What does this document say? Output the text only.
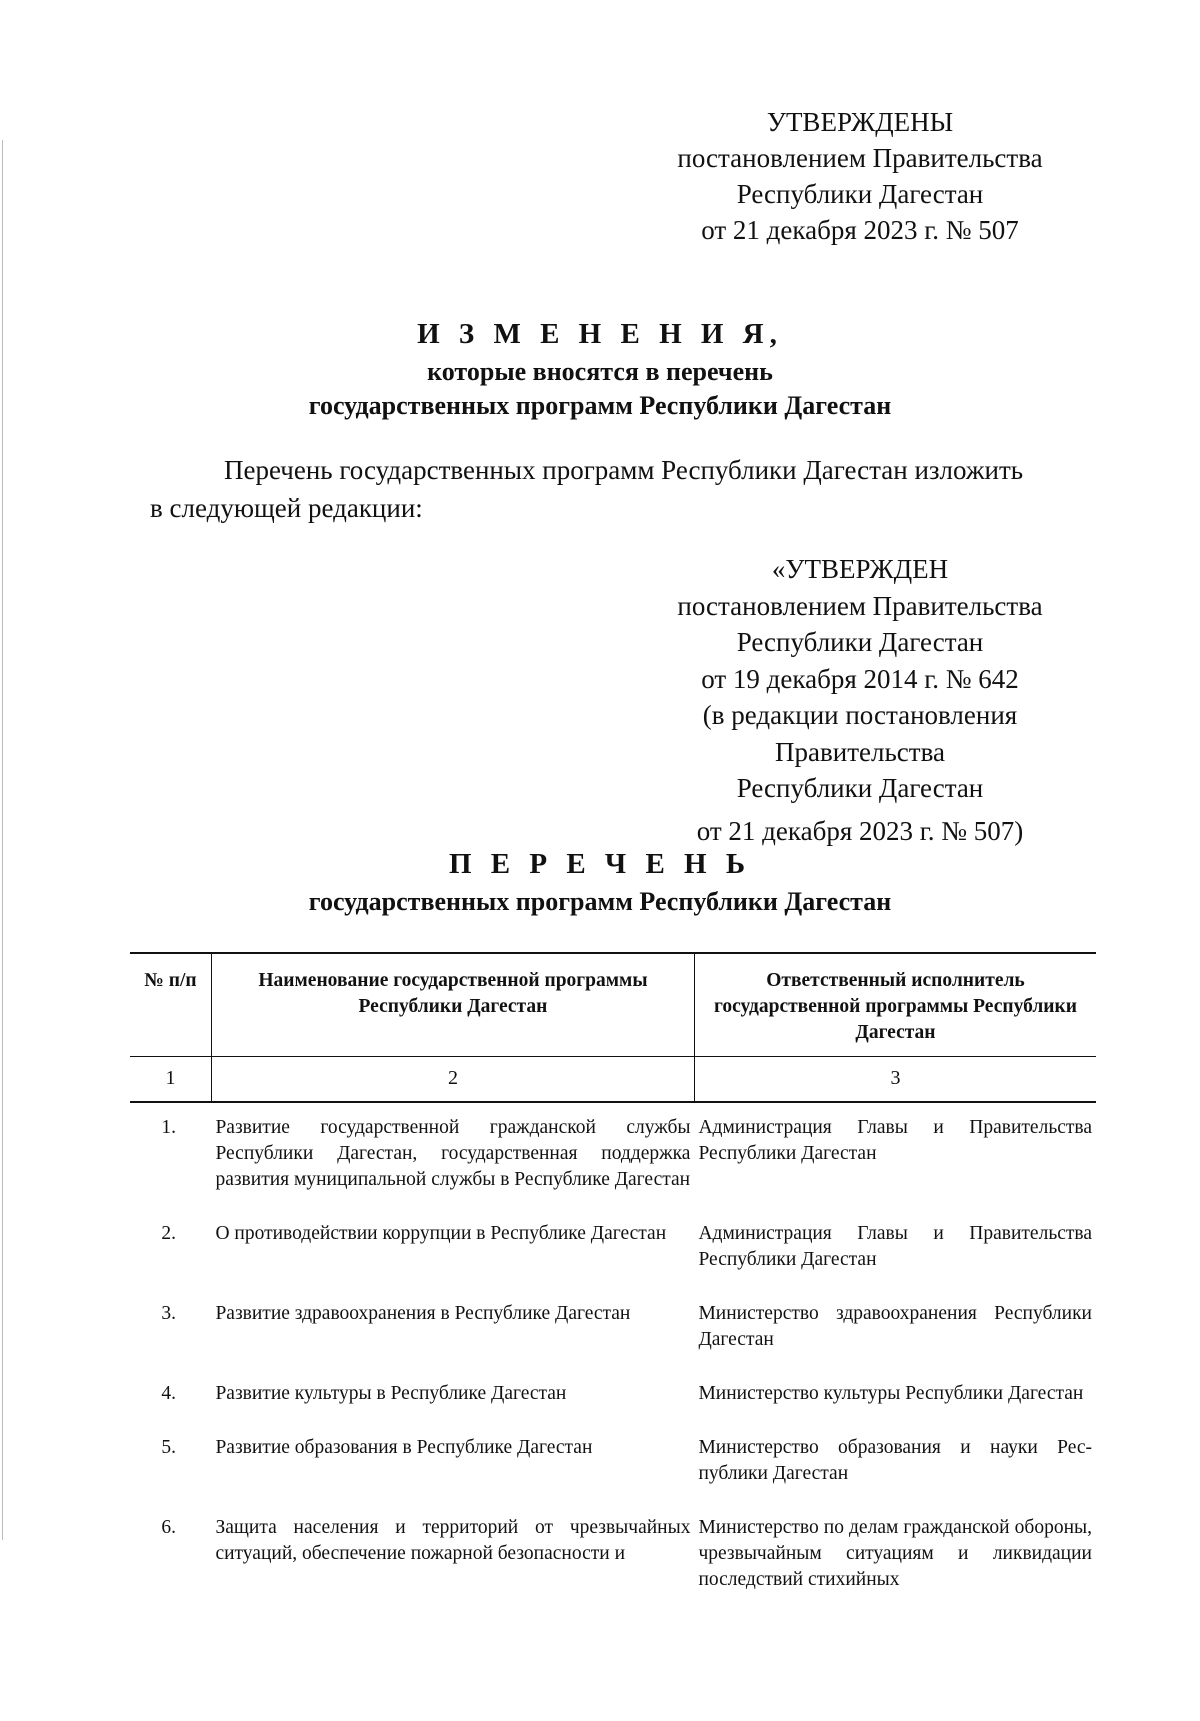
УТВЕРЖДЕНЫ
постановлением Правительства
Республики Дагестан
от 21 декабря 2023 г. № 507
И З М Е Н Е Н И Я,
которые вносятся в перечень
государственных программ Республики Дагестан
Перечень государственных программ Республики Дагестан изложить
в следующей редакции:
«УТВЕРЖДЕН
постановлением Правительства
Республики Дагестан
от 19 декабря 2014 г. № 642
(в редакции постановления
Правительства
Республики Дагестан
от 21 декабря 2023 г. № 507)
П Е Р Е Ч Е Н Ь
государственных программ Республики Дагестан
№ п/п	Наименование государственной программы Республики Дагестан	Ответственный исполнитель государственной программы Республики Дагестан
1	2	3
1.	Развитие государственной гражданской службы Республики Дагестан, государственная поддержка развития муниципальной службы в Республике Дагестан	Администрация Главы и Правительства Республики Дагестан
2.	О противодействии коррупции в Республике Дагестан	Администрация Главы и Правительства Республики Дагестан
3.	Развитие здравоохранения в Республике Дагестан	Министерство здравоохранения Республики Дагестан
4.	Развитие культуры в Республике Дагестан	Министерство культуры Республики Дагестан
5.	Развитие образования в Республике Дагестан	Министерство образования и науки Республики Дагестан
6.	Защита населения и территорий от чрезвычайных ситуаций, обеспечение пожарной безопасности и	Министерство по делам гражданской обороны, чрезвычайным ситуациям и ликвидации последствий стихийных
